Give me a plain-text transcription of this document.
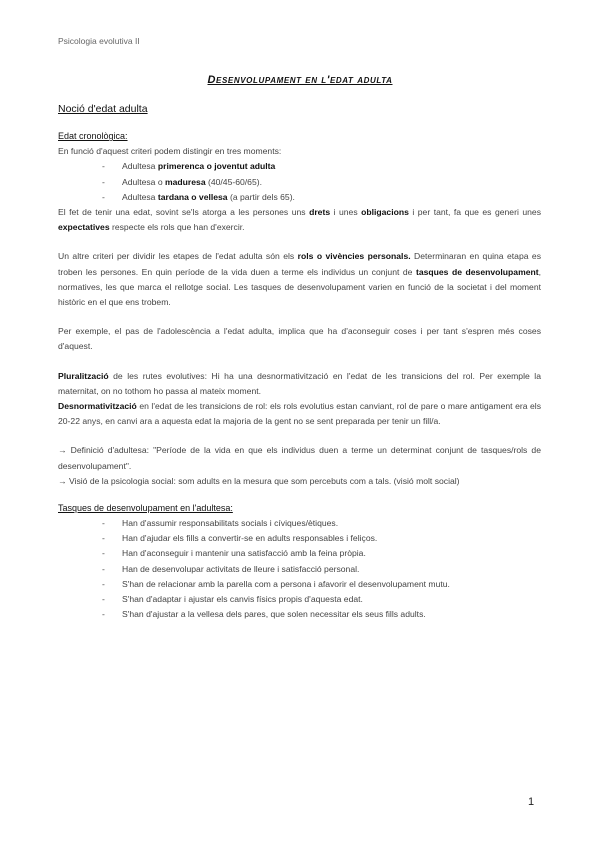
Psicologia evolutiva II
Desenvolupament en l'edat adulta
Noció d'edat adulta
Edat cronològica:

En funció d'aquest criteri podem distingir en tres moments:

- Adultesa primerenca o joventut adulta
- Adultesa o maduresa (40/45-60/65).
- Adultesa tardana o vellesa (a partir dels 65).

El fet de tenir una edat, sovint se'ls atorga a les persones uns drets i unes obligacions i per tant, fa que es generi unes expectatives respecte els rols que han d'exercir.

Un altre criteri per dividir les etapes de l'edat adulta són els rols o vivències personals. Determinaran en quina etapa es troben les persones. En quin període de la vida duen a terme els individus un conjunt de tasques de desenvolupament, normatives, les que marca el rellotge social. Les tasques de desenvolupament varien en funció de la societat i del moment històric en el que ens trobem.

Per exemple, el pas de l'adolescència a l'edat adulta, implica que ha d'aconseguir coses i per tant s'espren més coses d'aquest.

Pluralització de les rutes evolutives: Hi ha una desnormativització en l'edat de les transicions del rol. Per exemple la maternitat, on no tothom ho passa al mateix moment.

Desnormativització en l'edat de les transicions de rol: els rols evolutius estan canviant, rol de pare o mare antigament era els 20-22 anys, en canvi ara a aquesta edat la majoria de la gent no se sent preparada per tenir un fill/a.

→ Definició d'adultesa: "Període de la vida en que els individus duen a terme un determinat conjunt de tasques/rols de desenvolupament".

→ Visió de la psicologia social: som adults en la mesura que som percebuts com a tals. (visió molt social)

Tasques de desenvolupament en l'adultesa:
- Han d'assumir responsabilitats socials i cíviques/ètiques.
- Han d'ajudar els fills a convertir-se en adults responsables i feliços.
- Han d'aconseguir i mantenir una satisfacció amb la feina pròpia.
- Han de desenvolupar activitats de lleure i satisfacció personal.
- S'han de relacionar amb la parella com a persona i afavorir el desenvolupament mutu.
- S'han d'adaptar i ajustar els canvis físics propis d'aquesta edat.
- S'han d'ajustar a la vellesa dels pares, que solen necessitar els seus fills adults.
1
